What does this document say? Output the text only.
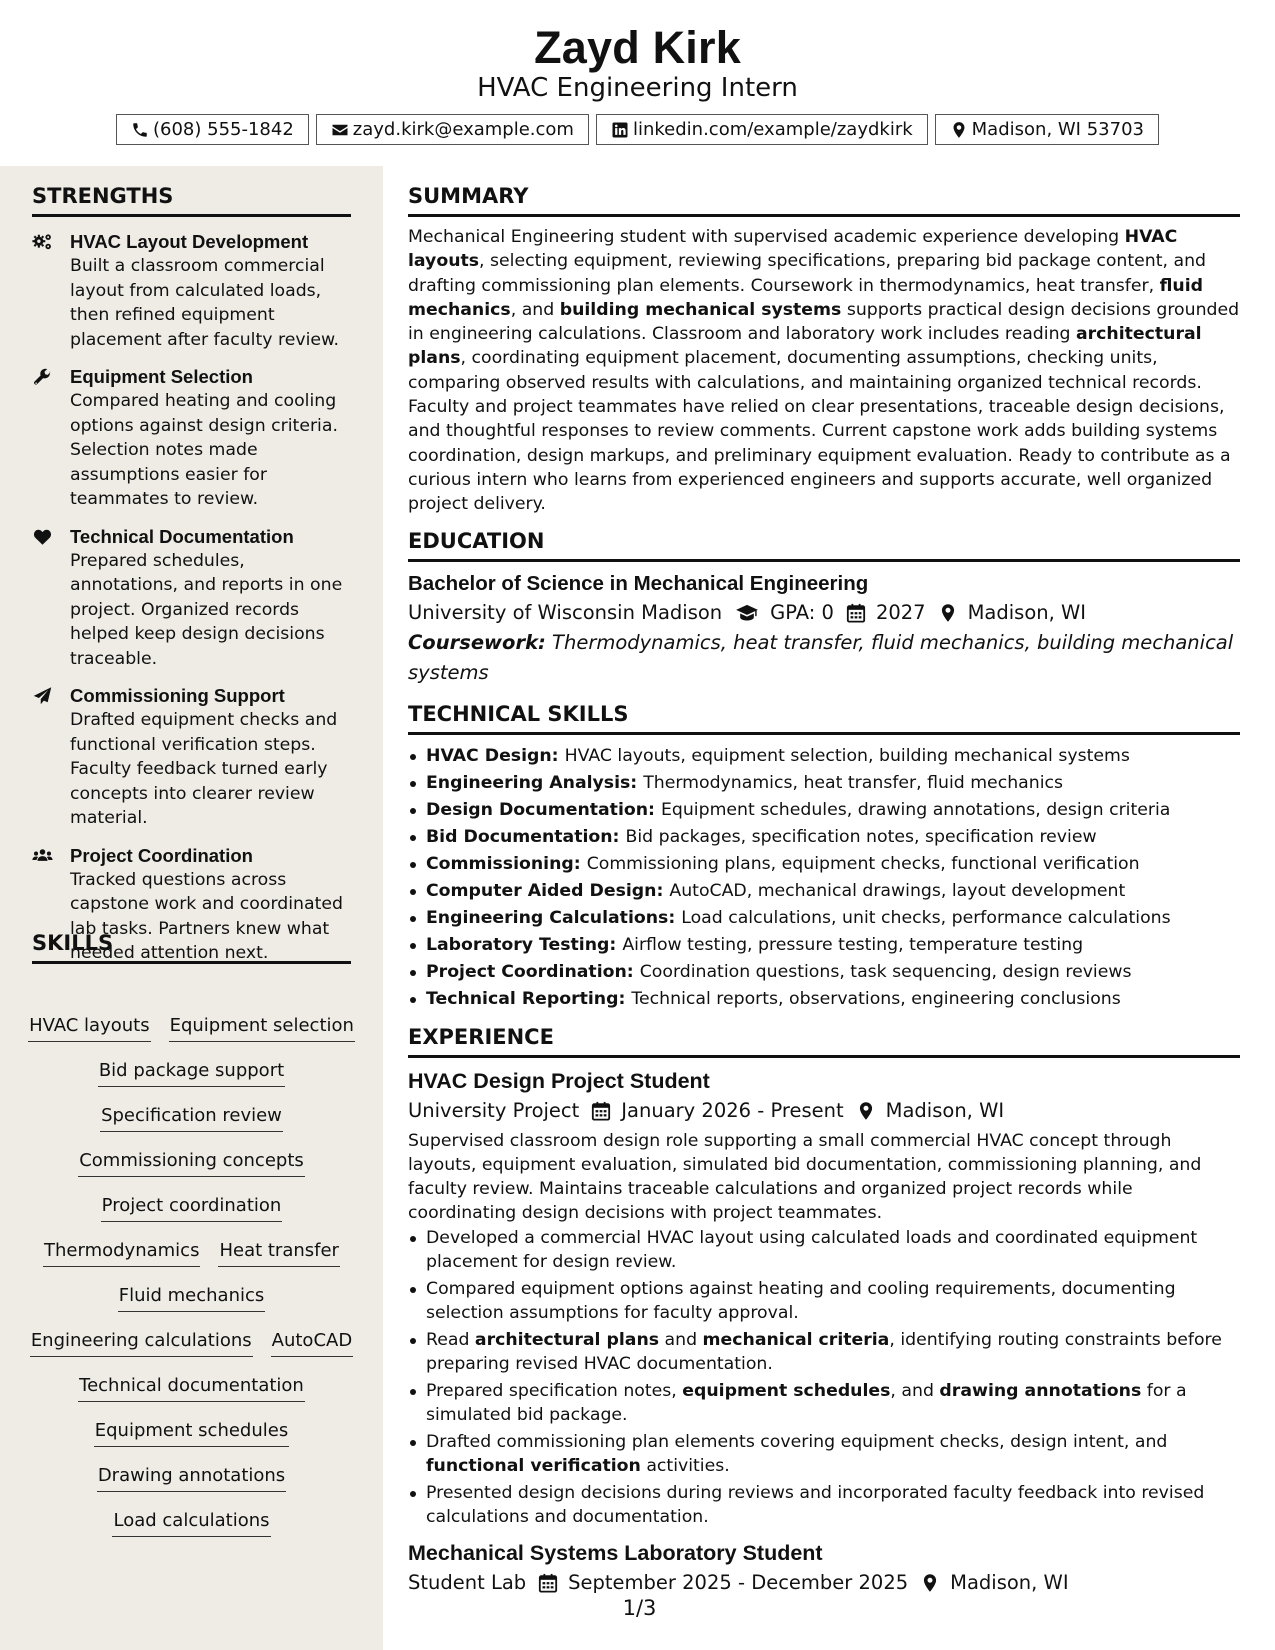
Zayd Kirk
HVAC Engineering Intern
(608) 555-1842	zayd.kirk@example.com	linkedin.com/example/zaydkirk	Madison, WI 53703
STRENGTHS
HVAC Layout Development
Built a classroom commercial layout from calculated loads, then refined equipment placement after faculty review.
Equipment Selection
Compared heating and cooling options against design criteria. Selection notes made assumptions easier for teammates to review.
Technical Documentation
Prepared schedules, annotations, and reports in one project. Organized records helped keep design decisions traceable.
Commissioning Support
Drafted equipment checks and functional verification steps. Faculty feedback turned early concepts into clearer review material.
Project Coordination
Tracked questions across capstone work and coordinated lab tasks. Partners knew what needed attention next.
SKILLS
HVAC layouts Equipment selection
Bid package support
Specification review
Commissioning concepts
Project coordination
Thermodynamics Heat transfer
Fluid mechanics
Engineering calculations AutoCAD
Technical documentation
Equipment schedules
Drawing annotations
Load calculations
SUMMARY
Mechanical Engineering student with supervised academic experience developing HVAC layouts, selecting equipment, reviewing specifications, preparing bid package content, and drafting commissioning plan elements. Coursework in thermodynamics, heat transfer, fluid mechanics, and building mechanical systems supports practical design decisions grounded in engineering calculations. Classroom and laboratory work includes reading architectural plans, coordinating equipment placement, documenting assumptions, checking units, comparing observed results with calculations, and maintaining organized technical records. Faculty and project teammates have relied on clear presentations, traceable design decisions, and thoughtful responses to review comments. Current capstone work adds building systems coordination, design markups, and preliminary equipment evaluation. Ready to contribute as a curious intern who learns from experienced engineers and supports accurate, well organized project delivery.
EDUCATION
Bachelor of Science in Mechanical Engineering
University of Wisconsin Madison GPA: 0 2027 Madison, WI
Coursework: Thermodynamics, heat transfer, fluid mechanics, building mechanical systems
TECHNICAL SKILLS
HVAC Design: HVAC layouts, equipment selection, building mechanical systems
Engineering Analysis: Thermodynamics, heat transfer, fluid mechanics
Design Documentation: Equipment schedules, drawing annotations, design criteria
Bid Documentation: Bid packages, specification notes, specification review
Commissioning: Commissioning plans, equipment checks, functional verification
Computer Aided Design: AutoCAD, mechanical drawings, layout development
Engineering Calculations: Load calculations, unit checks, performance calculations
Laboratory Testing: Airflow testing, pressure testing, temperature testing
Project Coordination: Coordination questions, task sequencing, design reviews
Technical Reporting: Technical reports, observations, engineering conclusions
EXPERIENCE
HVAC Design Project Student
University Project January 2026 - Present Madison, WI
Supervised classroom design role supporting a small commercial HVAC concept through layouts, equipment evaluation, simulated bid documentation, commissioning planning, and faculty review. Maintains traceable calculations and organized project records while coordinating design decisions with project teammates.
Developed a commercial HVAC layout using calculated loads and coordinated equipment placement for design review.
Compared equipment options against heating and cooling requirements, documenting selection assumptions for faculty approval.
Read architectural plans and mechanical criteria, identifying routing constraints before preparing revised HVAC documentation.
Prepared specification notes, equipment schedules, and drawing annotations for a simulated bid package.
Drafted commissioning plan elements covering equipment checks, design intent, and functional verification activities.
Presented design decisions during reviews and incorporated faculty feedback into revised calculations and documentation.
Mechanical Systems Laboratory Student
Student Lab September 2025 - December 2025 Madison, WI
1/3
